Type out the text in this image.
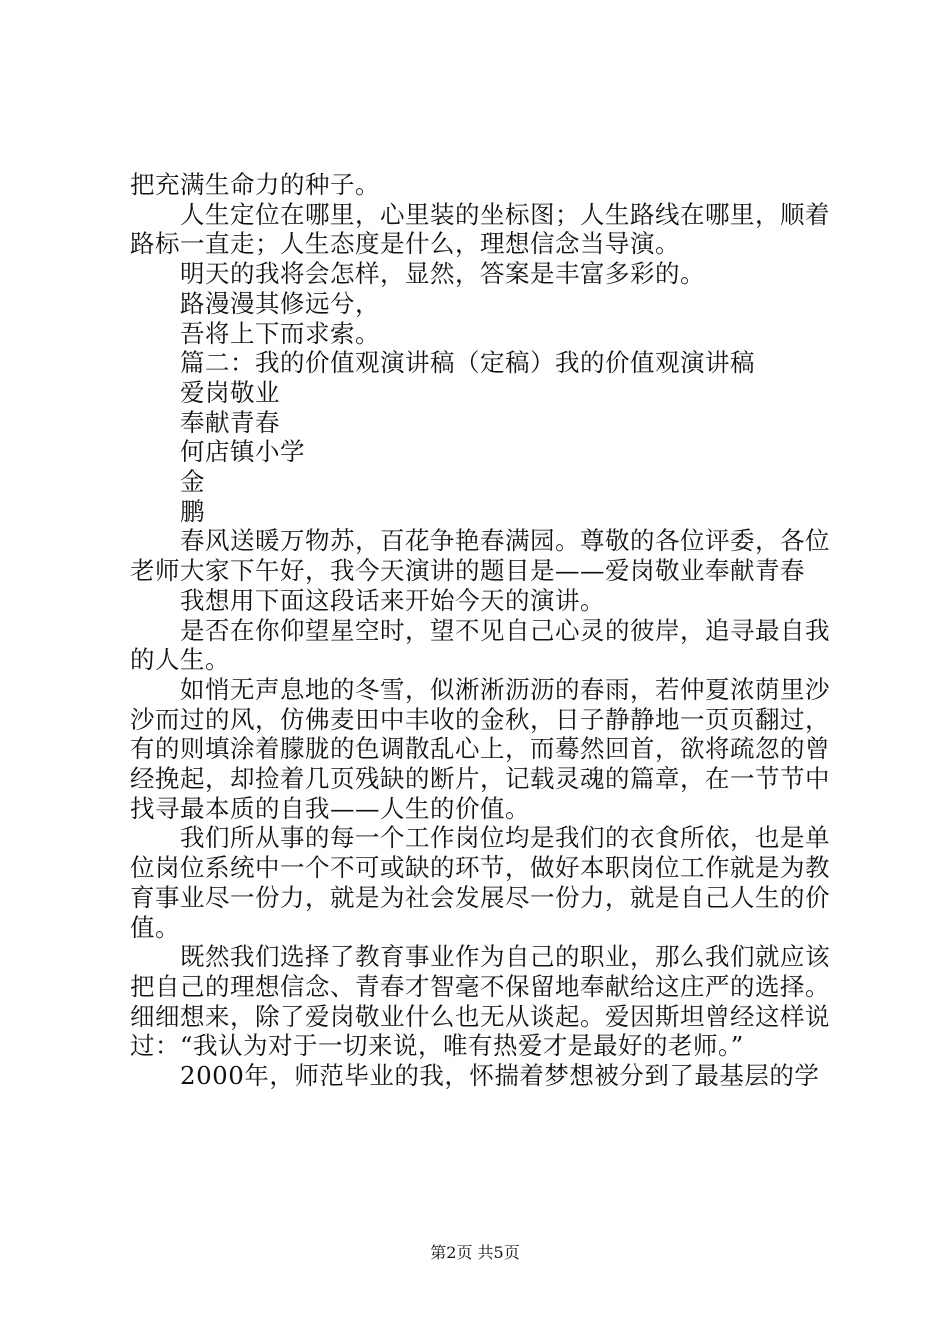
把充满生命力的种子。

人生定位在哪里，心里装的坐标图；人生路线在哪里，顺着路标一直走；人生态度是什么，理想信念当导演。

明天的我将会怎样，显然，答案是丰富多彩的。

路漫漫其修远兮，

吾将上下而求索。

篇二：我的价值观演讲稿（定稿）我的价值观演讲稿

爱岗敬业

奉献青春

何店镇小学

金

鹏

春风送暖万物苏，百花争艳春满园。尊敬的各位评委，各位老师大家下午好，我今天演讲的题目是——爱岗敬业奉献青春

我想用下面这段话来开始今天的演讲。

是否在你仰望星空时，望不见自己心灵的彼岸，追寻最自我的人生。

如悄无声息地的冬雪，似淅淅沥沥的春雨，若仲夏浓荫里沙沙而过的风，仿佛麦田中丰收的金秋，日子静静地一页页翻过，有的则填涂着朦胧的色调散乱心上，而蓦然回首，欲将疏忽的曾经挽起，却捡着几页残缺的断片，记载灵魂的篇章，在一节节中找寻最本质的自我——人生的价值。

我们所从事的每一个工作岗位均是我们的衣食所依，也是单位岗位系统中一个不可或缺的环节，做好本职岗位工作就是为教育事业尽一份力，就是为社会发展尽一份力，就是自己人生的价值。

既然我们选择了教育事业作为自己的职业，那么我们就应该把自己的理想信念、青春才智毫不保留地奉献给这庄严的选择。细细想来，除了爱岗敬业什么也无从谈起。爱因斯坦曾经这样说过：“我认为对于一切来说，唯有热爱才是最好的老师。”

2000年，师范毕业的我，怀揣着梦想被分到了最基层的学

第2页 共5页
